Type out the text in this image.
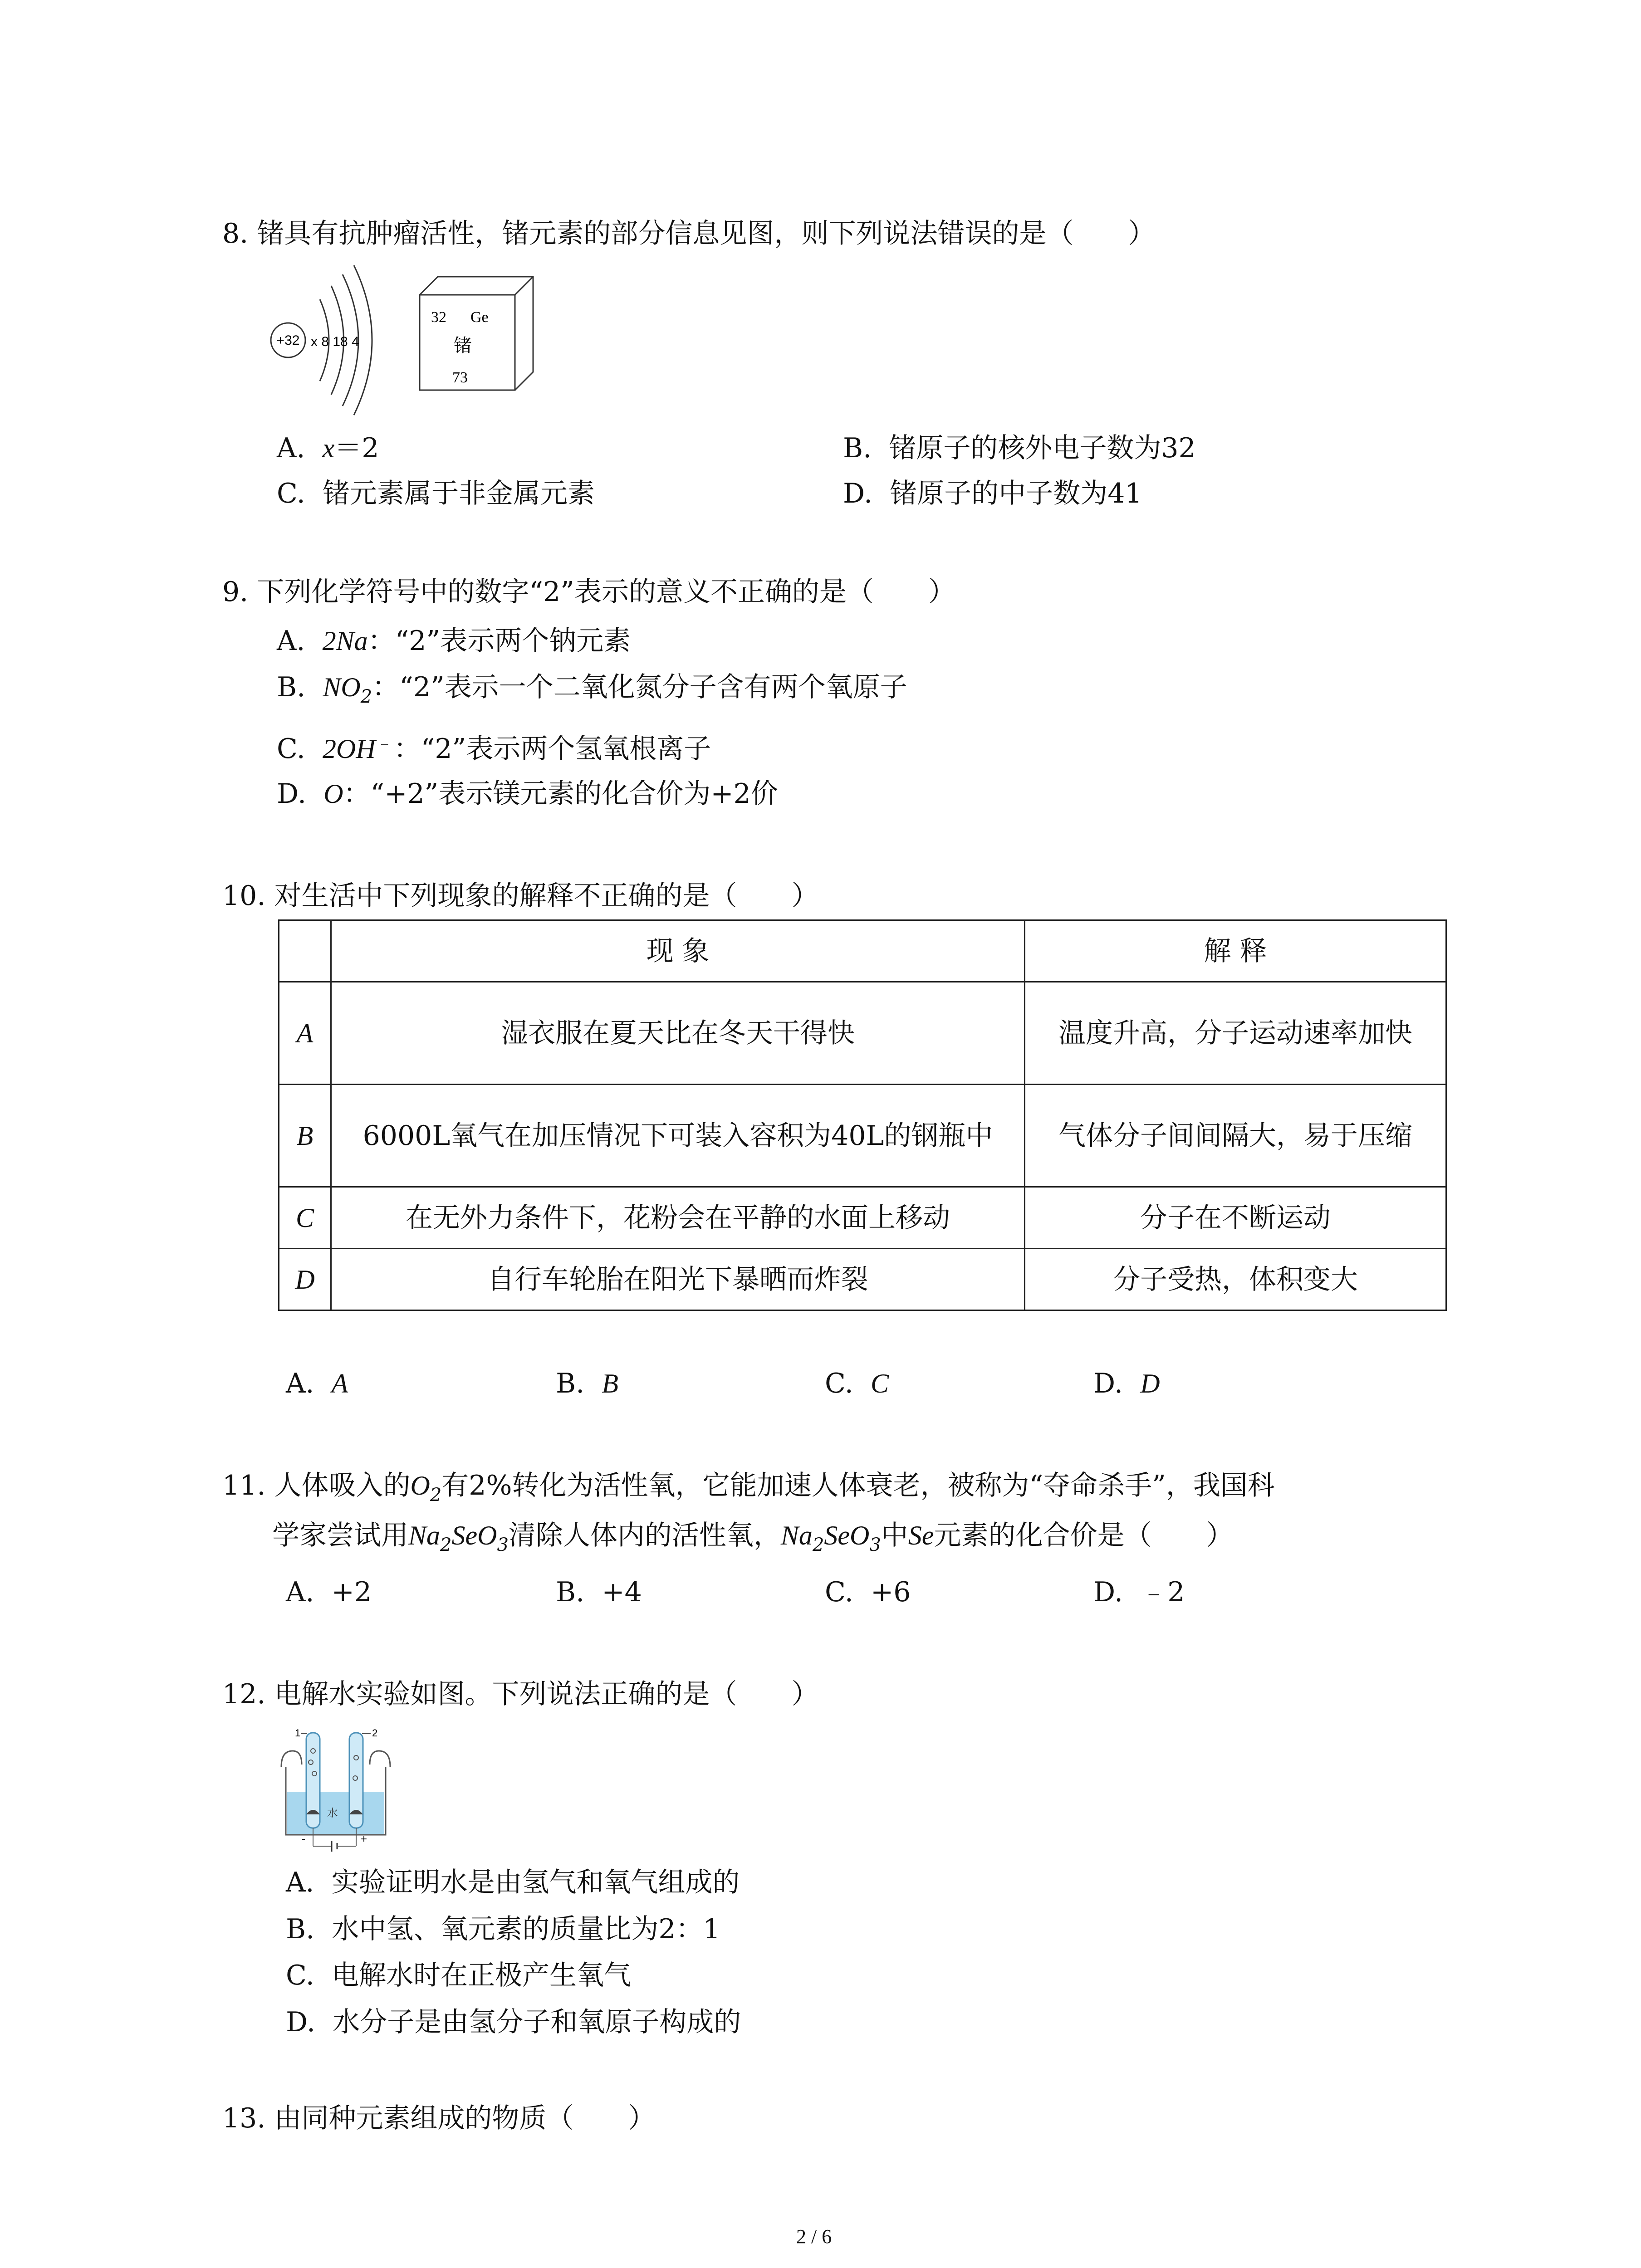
8. 锗具有抗肿瘤活性，锗元素的部分信息见图，则下列说法错误的是（　　）
+32 x 8 18 4
32 Ge
锗
73
A. x＝2	B. 锗原子的核外电子数为32
C. 锗元素属于非金属元素	D. 锗原子的中子数为41
9. 下列化学符号中的数字“2”表示的意义不正确的是（　　）
A. 2Na：“2”表示两个钠元素
B. $NO_2$：“2”表示一个二氧化氮分子含有两个氧原子
C. 2OH﹣：“2”表示两个氢氧根离子
D. O：“+2”表示镁元素的化合价为+2价
10. 对生活中下列现象的解释不正确的是（　　）
	现 象	解 释
A	湿衣服在夏天比在冬天干得快	温度升高，分子运动速率加快
B	6000L氧气在加压情况下可装入容积为40L的钢瓶中	气体分子间间隔大，易于压缩
C	在无外力条件下，花粉会在平静的水面上移动	分子在不断运动
D	自行车轮胎在阳光下暴晒而炸裂	分子受热，体积变大
A. A	B. B	C. C	D. D
11. 人体吸入的$O_2$有2%转化为活性氧，它能加速人体衰老，被称为“夺命杀手”，我国科
学家尝试用$Na_2SeO_3$清除人体内的活性氧，$Na_2SeO_3$中Se元素的化合价是（　　）
A. +2	B. +4	C. +6	D. ﹣2
12. 电解水实验如图。下列说法正确的是（　　）
水
1	2
-	+
A. 实验证明水是由氢气和氧气组成的
B. 水中氢、氧元素的质量比为2：1
C. 电解水时在正极产生氧气
D. 水分子是由氢分子和氧原子构成的
13. 由同种元素组成的物质（　　）
2 / 6
